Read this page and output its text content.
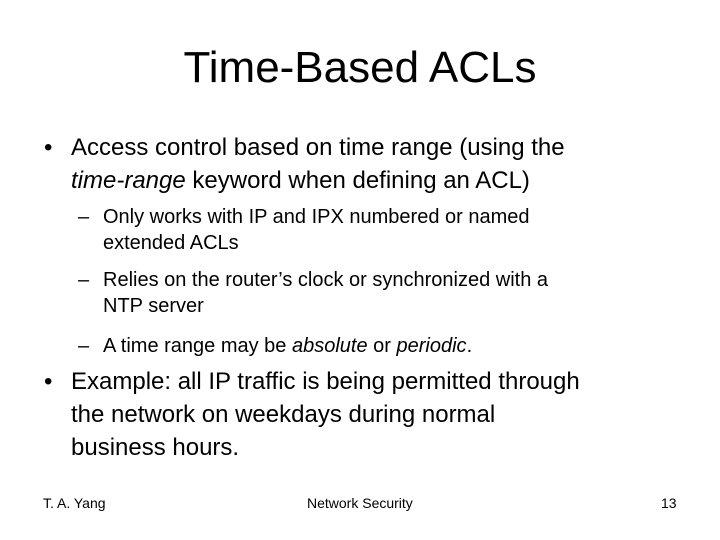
Time-Based ACLs
• Access control based on time range (using the
time-range keyword when defining an ACL)
– Only works with IP and IPX numbered or named
extended ACLs
– Relies on the router’s clock or synchronized with a
NTP server
– A time range may be absolute or periodic.
• Example: all IP traffic is being permitted through
the network on weekdays during normal
business hours.
T. A. Yang	Network Security	13
